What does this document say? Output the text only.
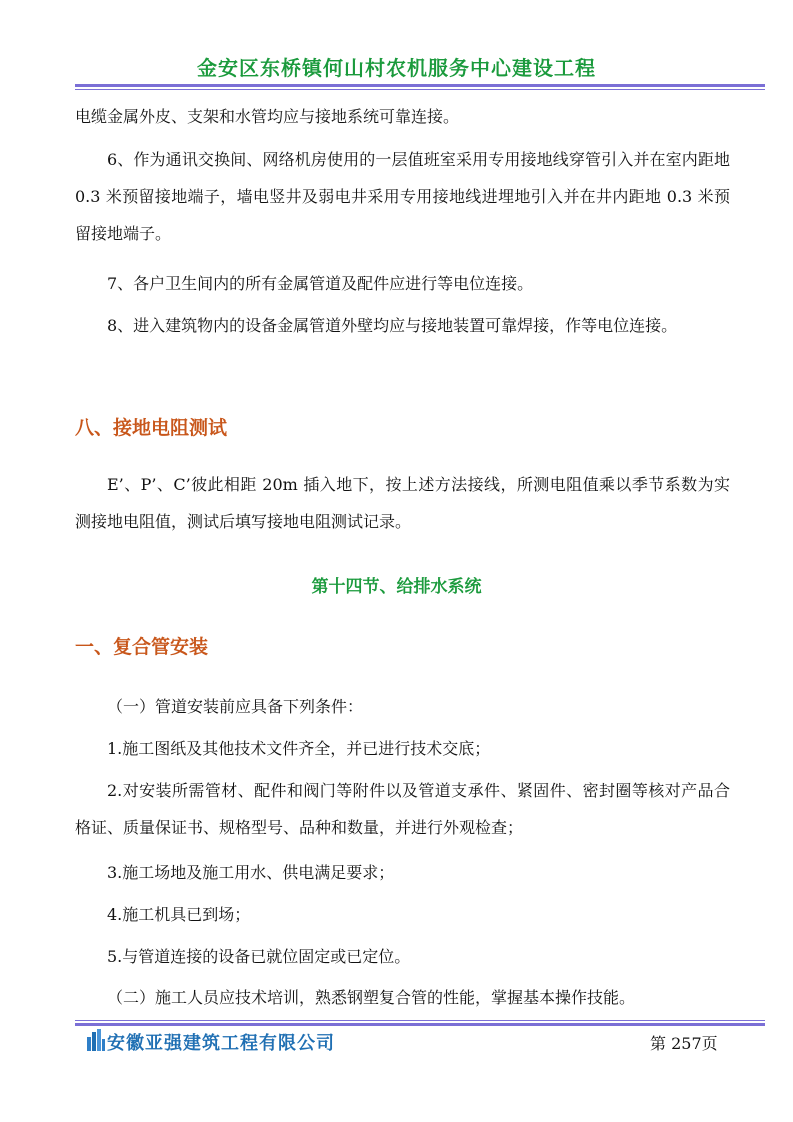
金安区东桥镇何山村农机服务中心建设工程

电缆金属外皮、支架和水管均应与接地系统可靠连接。

6、作为通讯交换间、网络机房使用的一层值班室采用专用接地线穿管引入并在室内距地 0.3 米预留接地端子，墙电竖井及弱电井采用专用接地线进埋地引入并在井内距地 0.3 米预留接地端子。

7、各户卫生间内的所有金属管道及配件应进行等电位连接。

8、进入建筑物内的设备金属管道外壁均应与接地装置可靠焊接，作等电位连接。

八、接地电阻测试

E’、P’、C’彼此相距 20m 插入地下，按上述方法接线，所测电阻值乘以季节系数为实测接地电阻值，测试后填写接地电阻测试记录。

第十四节、给排水系统
一、复合管安装

（一）管道安装前应具备下列条件：

1.施工图纸及其他技术文件齐全，并已进行技术交底；

2.对安装所需管材、配件和阀门等附件以及管道支承件、紧固件、密封圈等核对产品合格证、质量保证书、规格型号、品种和数量，并进行外观检查；

3.施工场地及施工用水、供电满足要求；

4.施工机具已到场；

5.与管道连接的设备已就位固定或已定位。

（二）施工人员应技术培训，熟悉钢塑复合管的性能，掌握基本操作技能。

安徽亚强建筑工程有限公司	第 257页
